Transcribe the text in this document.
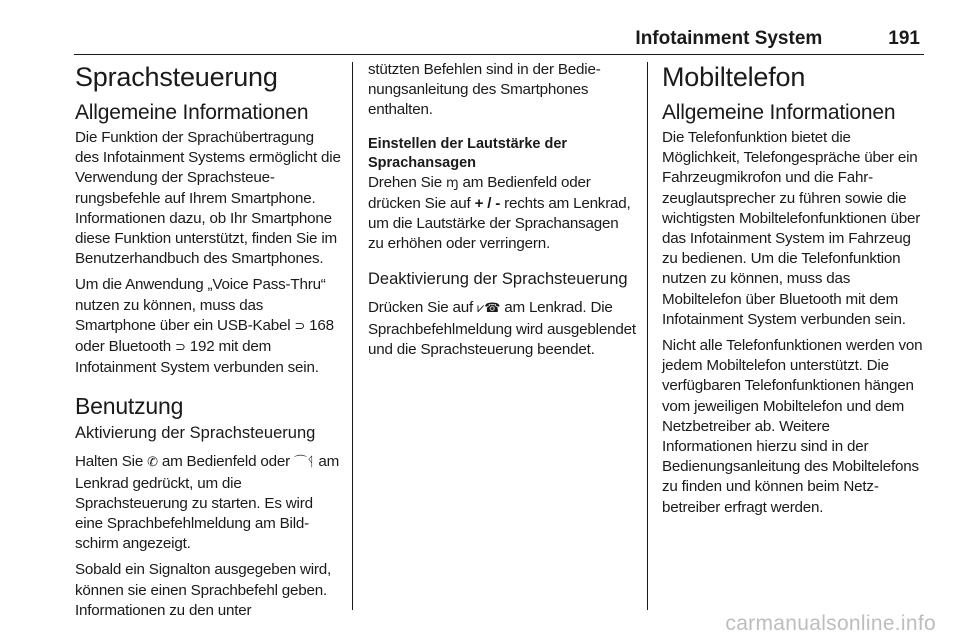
Infotainment System	191
Sprachsteuerung
Allgemeine Informationen

Die Funktion der Sprachübertragung des Infotainment Systems ermöglicht die Verwendung der Sprachsteuerungsbefehle auf Ihrem Smartphone. Informationen dazu, ob Ihr Smartphone diese Funktion unterstützt, finden Sie im Benutzerhandbuch des Smartphones.

Um die Anwendung „Voice Pass-Thru“ nutzen zu können, muss das Smartphone über ein USB-Kabel ⊃ 168 oder Bluetooth ⊃ 192 mit dem Infotainment System verbunden sein.

Benutzung
Aktivierung der Sprachsteuerung

Halten Sie ✆ am Bedienfeld oder ⌒ᛩ am Lenkrad gedrückt, um die Sprachsteuerung zu starten. Es wird eine Sprachbefehlmeldung am Bildschirm angezeigt.

Sobald ein Signalton ausgegeben wird, können sie einen Sprachbefehl geben. Informationen zu den unter

stützten Befehlen sind in der Bedienungsanleitung des Smartphones enthalten.

Einstellen der Lautstärke der Sprachansagen

Drehen Sie ɱ am Bedienfeld oder drücken Sie auf + / - rechts am Lenkrad, um die Lautstärke der Sprachansagen zu erhöhen oder verringern.

Deaktivierung der Sprachsteuerung

Drücken Sie auf ⩗☎ am Lenkrad. Die Sprachbefehlmeldung wird ausgeblendet und die Sprachsteuerung beendet.

Mobiltelefon
Allgemeine Informationen

Die Telefonfunktion bietet die Möglichkeit, Telefongespräche über ein Fahrzeugmikrofon und die Fahrzeuglautsprecher zu führen sowie die wichtigsten Mobiltelefonfunktionen über das Infotainment System im Fahrzeug zu bedienen. Um die Telefonfunktion nutzen zu können, muss das Mobiltelefon über Bluetooth mit dem Infotainment System verbunden sein.

Nicht alle Telefonfunktionen werden von jedem Mobiltelefon unterstützt. Die verfügbaren Telefonfunktionen hängen vom jeweiligen Mobiltelefon und dem Netzbetreiber ab. Weitere Informationen hierzu sind in der Bedienungsanleitung des Mobiltelefons zu finden und können beim Netzbetreiber erfragt werden.

carmanualsonline.info
